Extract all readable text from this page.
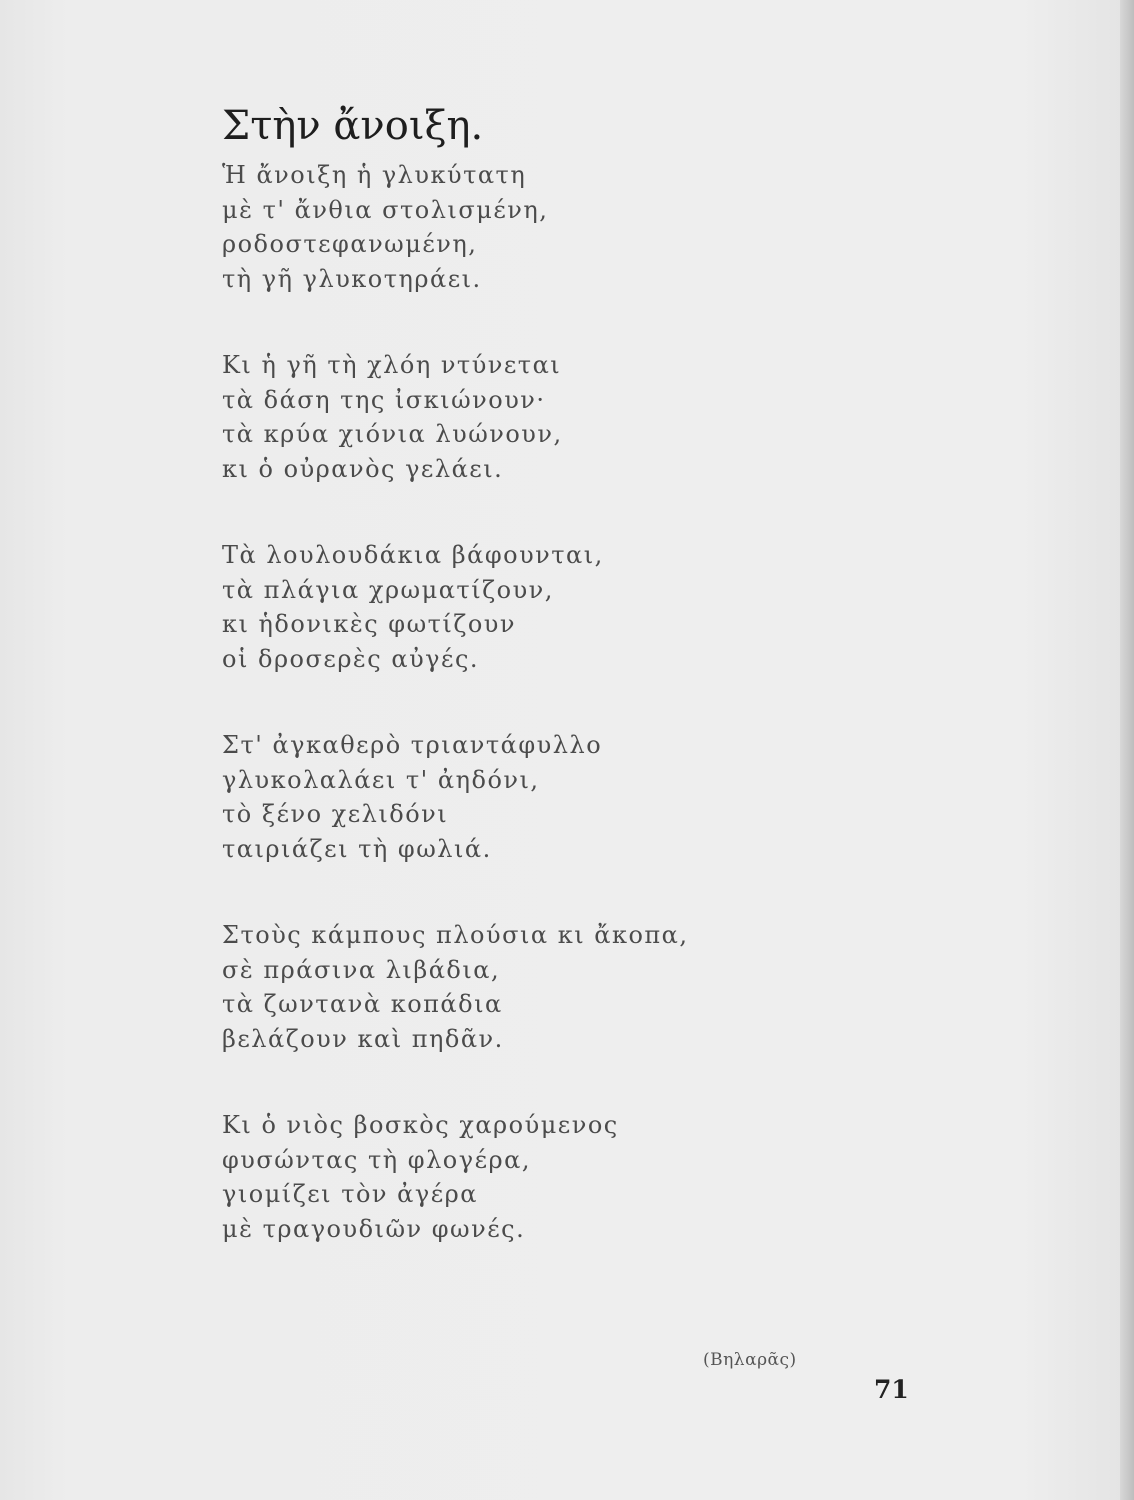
Στὴν ἄνοιξη.
Ἡ ἄνοιξη ἡ γλυκύτατη
μὲ τ' ἄνθια στολισμένη,
ροδοστεφανωμένη,
τὴ γῆ γλυκοτηράει.
Κι ἡ γῆ τὴ χλόη ντύνεται
τὰ δάση της ἰσκιώνουν·
τὰ κρύα χιόνια λυώνουν,
κι ὁ οὐρανὸς γελάει.
Τὰ λουλουδάκια βάφουνται,
τὰ πλάγια χρωματίζουν,
κι ἡδονικὲς φωτίζουν
οἱ δροσερὲς αὐγές.
Στ' ἀγκαθερὸ τριαντάφυλλο
γλυκολαλάει τ' ἀηδόνι,
τὸ ξένο χελιδόνι
ταιριάζει τὴ φωλιά.
Στοὺς κάμπους πλούσια κι ἄκοπα,
σὲ πράσινα λιβάδια,
τὰ ζωντανὰ κοπάδια
βελάζουν καὶ πηδᾶν.
Κι ὁ νιὸς βοσκὸς χαρούμενος
φυσώντας τὴ φλογέρα,
γιομίζει τὸν ἀγέρα
μὲ τραγουδιῶν φωνές.
(Βηλαρᾶς)
71
